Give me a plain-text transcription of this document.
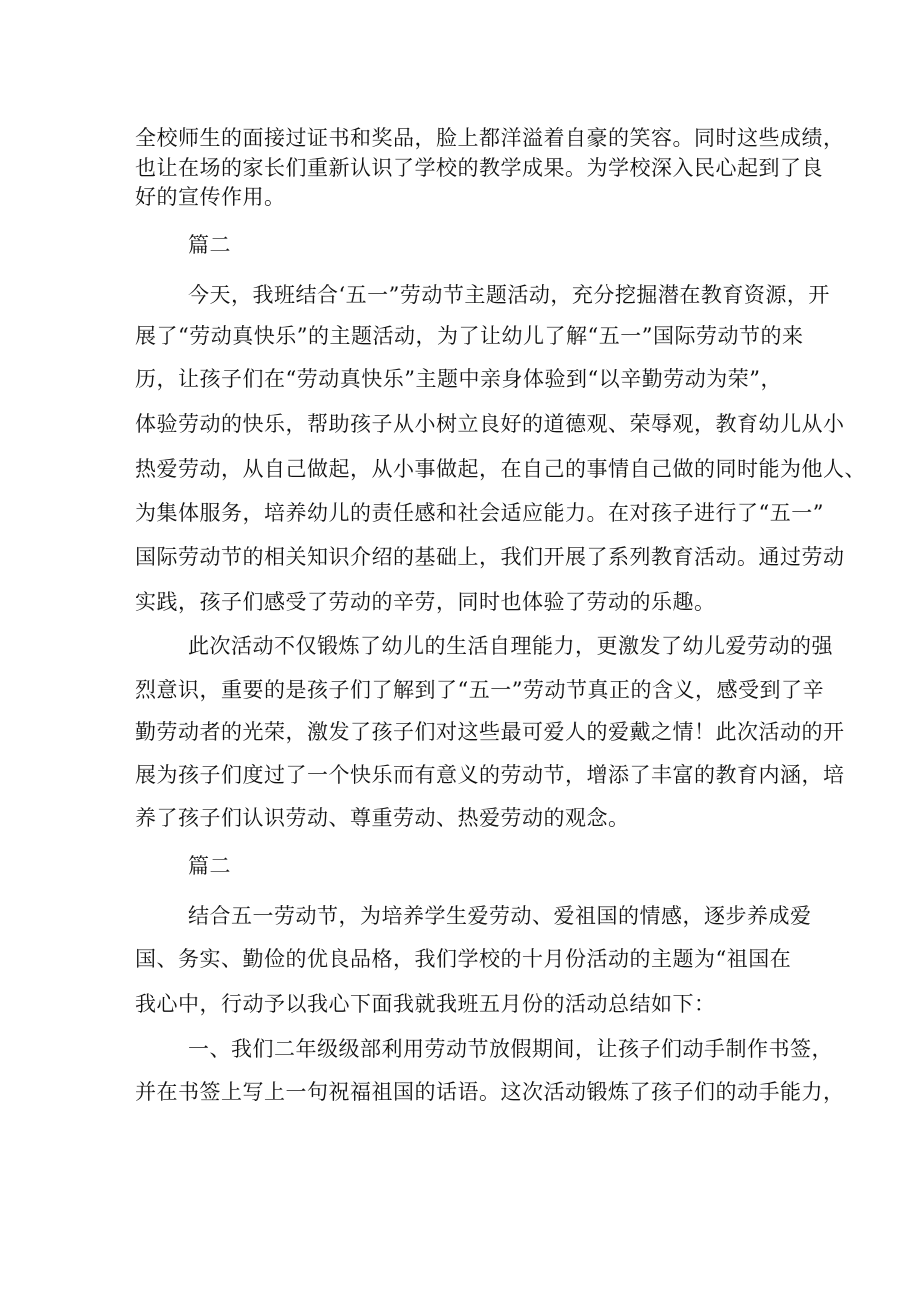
全校师生的面接过证书和奖品，脸上都洋溢着自豪的笑容。同时这些成绩，
也让在场的家长们重新认识了学校的教学成果。为学校深入民心起到了良
好的宣传作用。
篇二
今天，我班结合‘五一”劳动节主题活动，充分挖掘潜在教育资源，开
展了“劳动真快乐”的主题活动，为了让幼儿了解“五一”国际劳动节的来
历，让孩子们在“劳动真快乐”主题中亲身体验到“以辛勤劳动为荣”，
体验劳动的快乐，帮助孩子从小树立良好的道德观、荣辱观，教育幼儿从小
热爱劳动，从自己做起，从小事做起，在自己的事情自己做的同时能为他人、
为集体服务，培养幼儿的责任感和社会适应能力。在对孩子进行了“五一”
国际劳动节的相关知识介绍的基础上，我们开展了系列教育活动。通过劳动
实践，孩子们感受了劳动的辛劳，同时也体验了劳动的乐趣。
此次活动不仅锻炼了幼儿的生活自理能力，更激发了幼儿爱劳动的强
烈意识，重要的是孩子们了解到了“五一”劳动节真正的含义，感受到了辛
勤劳动者的光荣，激发了孩子们对这些最可爱人的爱戴之情！此次活动的开
展为孩子们度过了一个快乐而有意义的劳动节，增添了丰富的教育内涵，培
养了孩子们认识劳动、尊重劳动、热爱劳动的观念。
篇二
结合五一劳动节，为培养学生爱劳动、爱祖国的情感，逐步养成爱
国、务实、勤俭的优良品格，我们学校的十月份活动的主题为“祖国在
我心中，行动予以我心下面我就我班五月份的活动总结如下：
一、我们二年级级部利用劳动节放假期间，让孩子们动手制作书签，
并在书签上写上一句祝福祖国的话语。这次活动锻炼了孩子们的动手能力，
